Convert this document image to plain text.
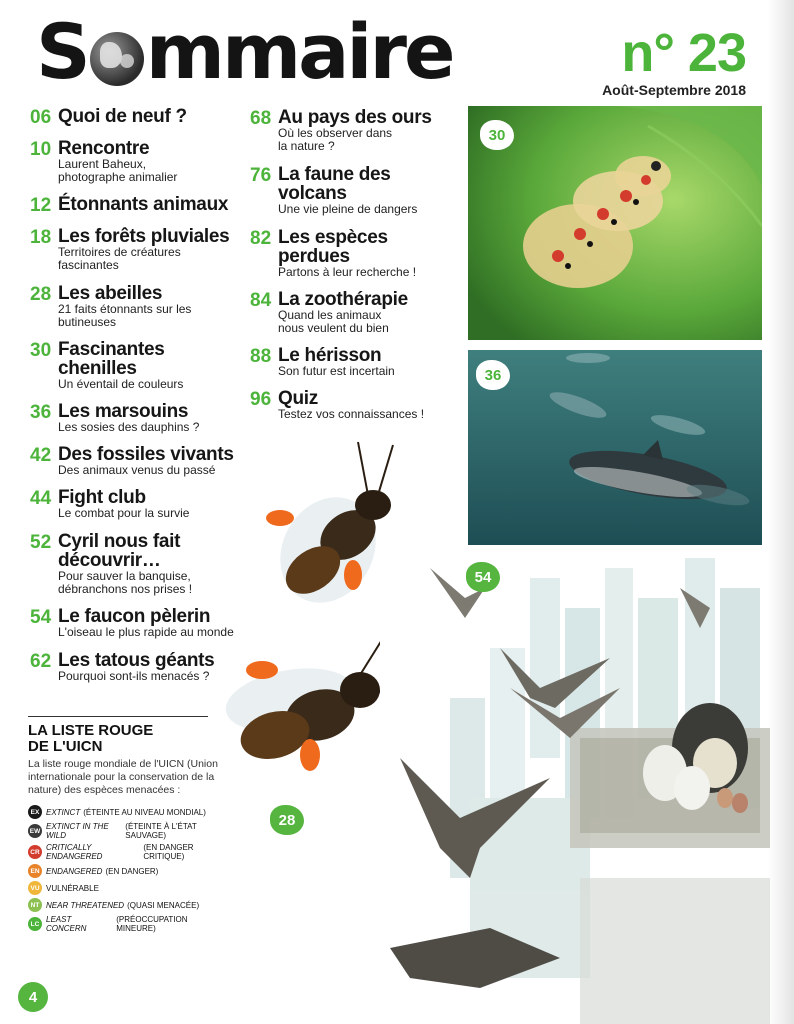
S mmaire	n° 23
Août-Septembre 2018
06 Quoi de neuf ?
10 Rencontre
Laurent Baheux, photographe animalier
12 Étonnants animaux
18 Les forêts pluviales
Territoires de créatures fascinantes
28 Les abeilles
21 faits étonnants sur les butineuses
30 Fascinantes chenilles
Un éventail de couleurs
36 Les marsouins
Les sosies des dauphins ?
42 Des fossiles vivants
Des animaux venus du passé
44 Fight club
Le combat pour la survie
52 Cyril nous fait découvrir…
Pour sauver la banquise, débranchons nos prises !
54 Le faucon pèlerin
L'oiseau le plus rapide au monde
62 Les tatous géants
Pourquoi sont-ils menacés ?
68 Au pays des ours
Où les observer dans la nature ?
76 La faune des volcans
Une vie pleine de dangers
82 Les espèces perdues
Partons à leur recherche !
84 La zoothérapie
Quand les animaux nous veulent du bien
88 Le hérisson
Son futur est incertain
96 Quiz
Testez vos connaissances !
30
36
28
54
LA LISTE ROUGE
DE L'UICN

La liste rouge mondiale de l'UICN (Union internationale pour la conservation de la nature) des espèces menacées :

EX EXTINCT (ÉTEINTE AU NIVEAU MONDIAL)
EW EXTINCT IN THE WILD
(ÉTEINTE À L'ÉTAT SAUVAGE)
CR CRITICALLY ENDANGERED
(EN DANGER CRITIQUE)
EN ENDANGERED (EN DANGER)
VU VULNÉRABLE
NT NEAR THREATENED (QUASI MENACÉE)
LC LEAST CONCERN
(PRÉOCCUPATION MINEURE)
4
